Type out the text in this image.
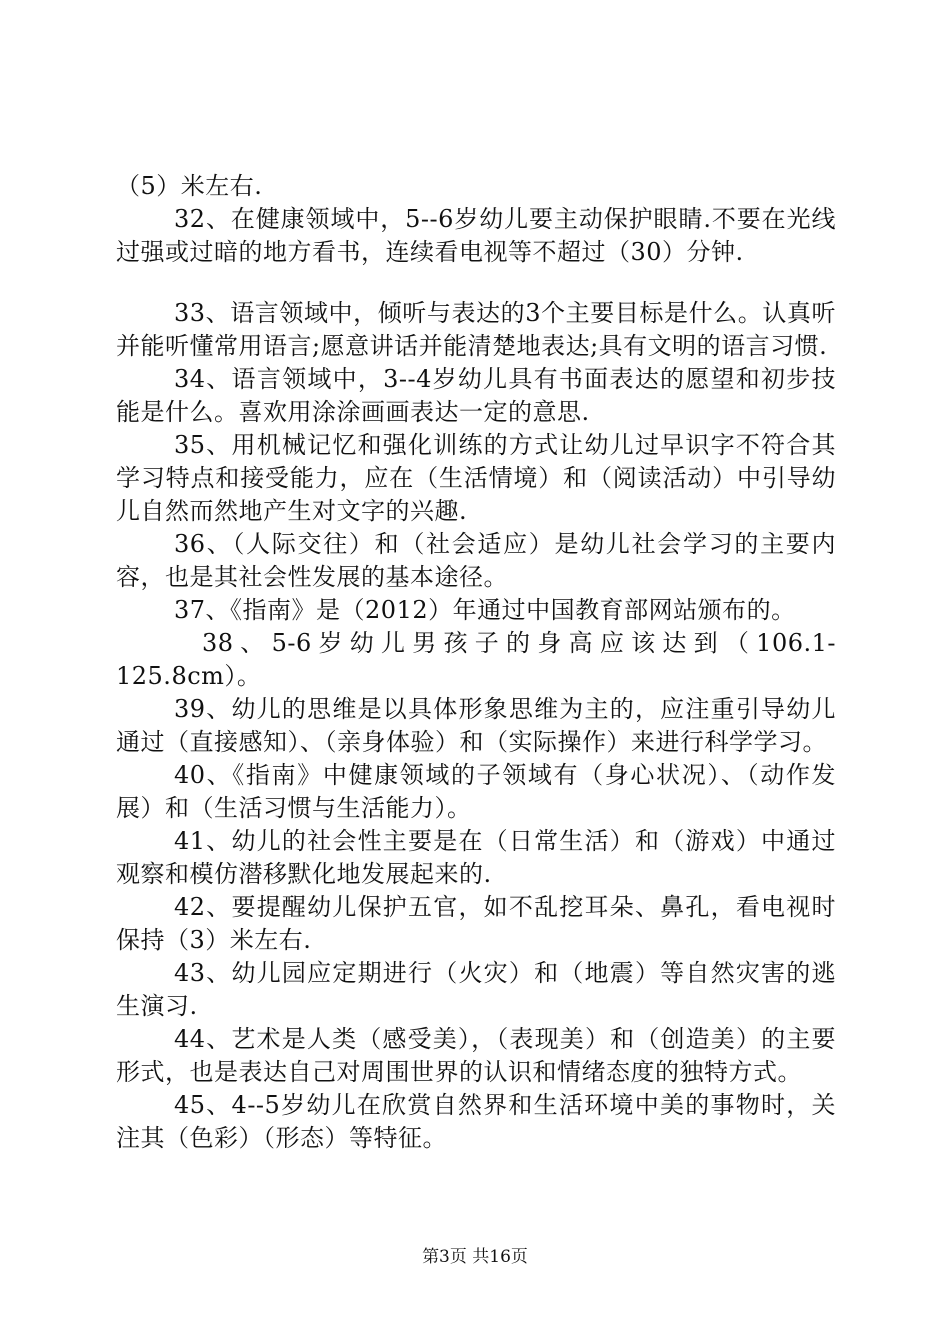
（5）米左右.

32、在健康领域中，5--6岁幼儿要主动保护眼睛.不要在光线过强或过暗的地方看书，连续看电视等不超过（30）分钟.

33、语言领域中，倾听与表达的3个主要目标是什么。认真听并能听懂常用语言;愿意讲话并能清楚地表达;具有文明的语言习惯.

34、语言领域中，3--4岁幼儿具有书面表达的愿望和初步技能是什么。喜欢用涂涂画画表达一定的意思.

35、用机械记忆和强化训练的方式让幼儿过早识字不符合其学习特点和接受能力，应在（生活情境）和（阅读活动）中引导幼儿自然而然地产生对文字的兴趣.

36、（人际交往）和（社会适应）是幼儿社会学习的主要内容，也是其社会性发展的基本途径。

37、《指南》是（2012）年通过中国教育部网站颁布的。

38、5-6岁幼儿男孩子的身高应该达到（106.1-125.8cm）。

39、幼儿的思维是以具体形象思维为主的，应注重引导幼儿通过（直接感知）、（亲身体验）和（实际操作）来进行科学学习。

40、《指南》中健康领域的子领域有（身心状况）、（动作发展）和（生活习惯与生活能力）。

41、幼儿的社会性主要是在（日常生活）和（游戏）中通过观察和模仿潜移默化地发展起来的.

42、要提醒幼儿保护五官，如不乱挖耳朵、鼻孔，看电视时保持（3）米左右.

43、幼儿园应定期进行（火灾）和（地震）等自然灾害的逃生演习.

44、艺术是人类（感受美），（表现美）和（创造美）的主要形式，也是表达自己对周围世界的认识和情绪态度的独特方式。

45、4--5岁幼儿在欣赏自然界和生活环境中美的事物时，关注其（色彩）（形态）等特征。

第3页 共16页
